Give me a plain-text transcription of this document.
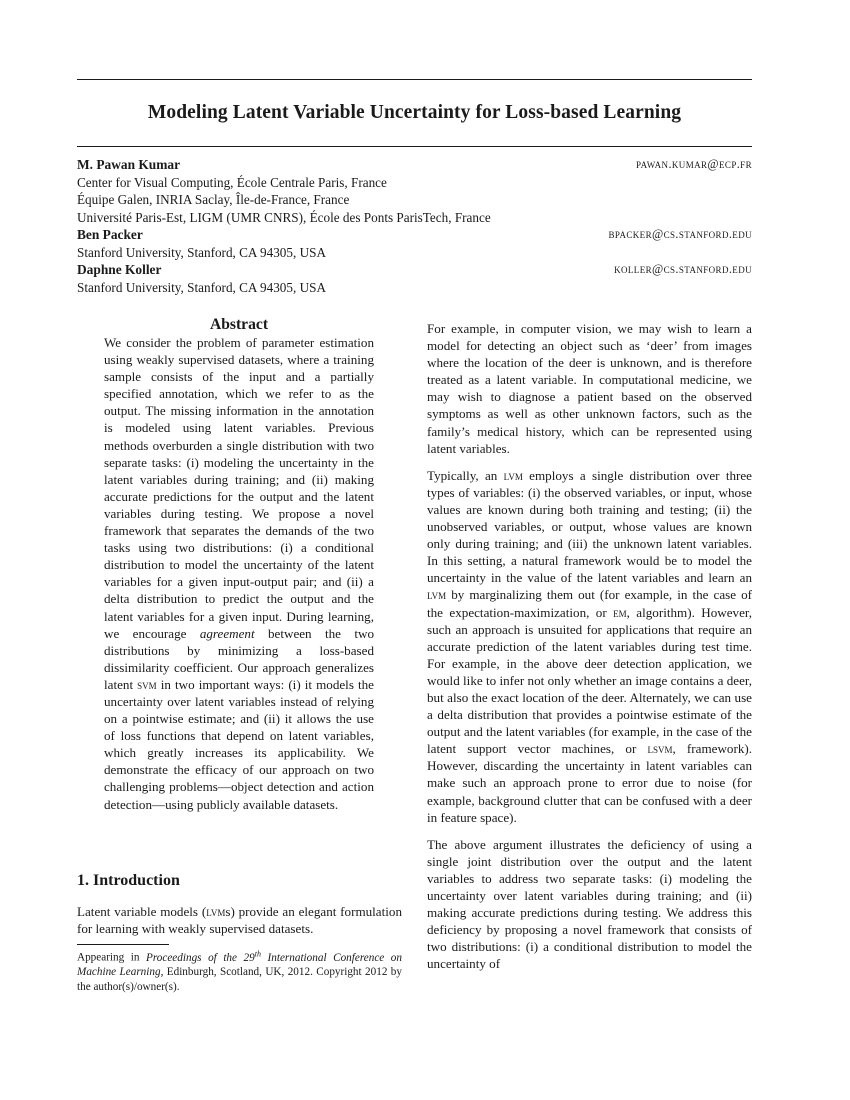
Modeling Latent Variable Uncertainty for Loss-based Learning
M. Pawan Kumar	pawan.kumar@ecp.fr
Center for Visual Computing, École Centrale Paris, France
Équipe Galen, INRIA Saclay, Île-de-France, France
Université Paris-Est, LIGM (UMR CNRS), École des Ponts ParisTech, France
Ben Packer	bpacker@cs.stanford.edu
Stanford University, Stanford, CA 94305, USA
Daphne Koller	koller@cs.stanford.edu
Stanford University, Stanford, CA 94305, USA
Abstract
We consider the problem of parameter estimation using weakly supervised datasets, where a training sample consists of the input and a partially specified annotation, which we refer to as the output. The missing information in the annotation is modeled using latent variables. Previous methods overburden a single distribution with two separate tasks: (i) modeling the uncertainty in the latent variables during training; and (ii) making accurate predictions for the output and the latent variables during testing. We propose a novel framework that separates the demands of the two tasks using two distributions: (i) a conditional distribution to model the uncertainty of the latent variables for a given input-output pair; and (ii) a delta distribution to predict the output and the latent variables for a given input. During learning, we encourage agreement between the two distributions by minimizing a loss-based dissimilarity coefficient. Our approach generalizes latent svm in two important ways: (i) it models the uncertainty over latent variables instead of relying on a pointwise estimate; and (ii) it allows the use of loss functions that depend on latent variables, which greatly increases its applicability. We demonstrate the efficacy of our approach on two challenging problems—object detection and action detection—using publicly available datasets.
1. Introduction
Latent variable models (lvms) provide an elegant formulation for learning with weakly supervised datasets.
Appearing in Proceedings of the 29th International Conference on Machine Learning, Edinburgh, Scotland, UK, 2012. Copyright 2012 by the author(s)/owner(s).

For example, in computer vision, we may wish to learn a model for detecting an object such as ‘deer’ from images where the location of the deer is unknown, and is therefore treated as a latent variable. In computational medicine, we may wish to diagnose a patient based on the observed symptoms as well as other unknown factors, such as the family’s medical history, which can be represented using latent variables.

Typically, an lvm employs a single distribution over three types of variables: (i) the observed variables, or input, whose values are known during both training and testing; (ii) the unobserved variables, or output, whose values are known only during training; and (iii) the unknown latent variables. In this setting, a natural framework would be to model the uncertainty in the value of the latent variables and learn an lvm by marginalizing them out (for example, in the case of the expectation-maximization, or em, algorithm). However, such an approach is unsuited for applications that require an accurate prediction of the latent variables during test time. For example, in the above deer detection application, we would like to infer not only whether an image contains a deer, but also the exact location of the deer. Alternately, we can use a delta distribution that provides a pointwise estimate of the output and the latent variables (for example, in the case of the latent support vector machines, or lsvm, framework). However, discarding the uncertainty in latent variables can make such an approach prone to error due to noise (for example, background clutter that can be confused with a deer in feature space).

The above argument illustrates the deficiency of using a single joint distribution over the output and the latent variables to address two separate tasks: (i) modeling the uncertainty over latent variables during training; and (ii) making accurate predictions during testing. We address this deficiency by proposing a novel framework that consists of two distributions: (i) a conditional distribution to model the uncertainty of
